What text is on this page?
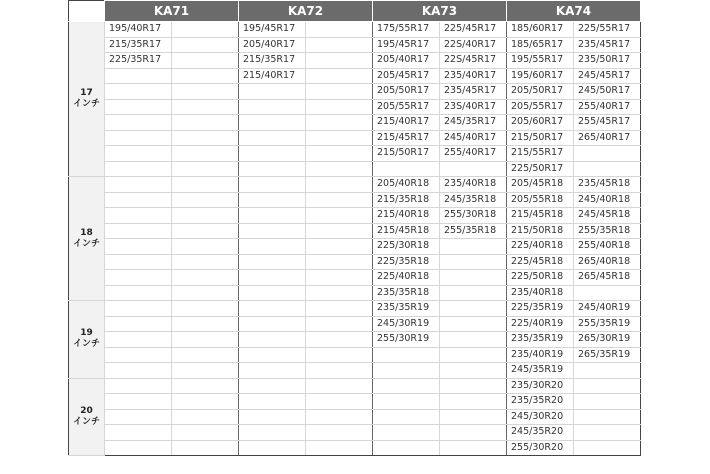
	KA71		KA72		KA73		KA74	

17
インチ	195/40R17		195/45R17		175/55R17	225/45R17	185/60R17	225/55R17
	215/35R17		205/40R17		195/45R17	22S/40R17	185/65R17	235/45R17
	225/35R17		215/35R17		205/40R17	22S/45R17	195/55R17	235/50R17
			215/40R17		205/45R17	235/40R17	195/60R17	245/45R17
					205/50R17	235/45R17	205/50R17	245/50R17
					205/55R17	23S/40R17	205/55R17	255/40R17
					215/40R17	245/35R17	205/60R17	255/45R17
					215/45R17	245/40R17	215/50R17	265/40R17
					215/50R17	255/40R17	215/55R17	
							225/50R17	

18
インチ					205/40R18	235/40R18	205/45R18	235/45R18
					215/35R18	245/35R18	205/55R18	245/40R18
					215/40R18	255/30R18	215/45R18	245/45R18
					215/45R18	255/35R18	215/50R18	255/35R18
					225/30R18		225/40R18	255/40R18
					225/35R18		225/45R18	265/40R18
					225/40R18		225/50R18	265/45R18
					235/35R18		235/40R18	

19
インチ					235/35R19		225/35R19	245/40R19
					245/30R19		225/40R19	255/35R19
					255/30R19		235/35R19	265/30R19
							235/40R19	265/35R19
							245/35R19	

20
インチ							235/30R20	
							235/35R20	
							245/30R20	
							245/35R20	
							255/30R20	
